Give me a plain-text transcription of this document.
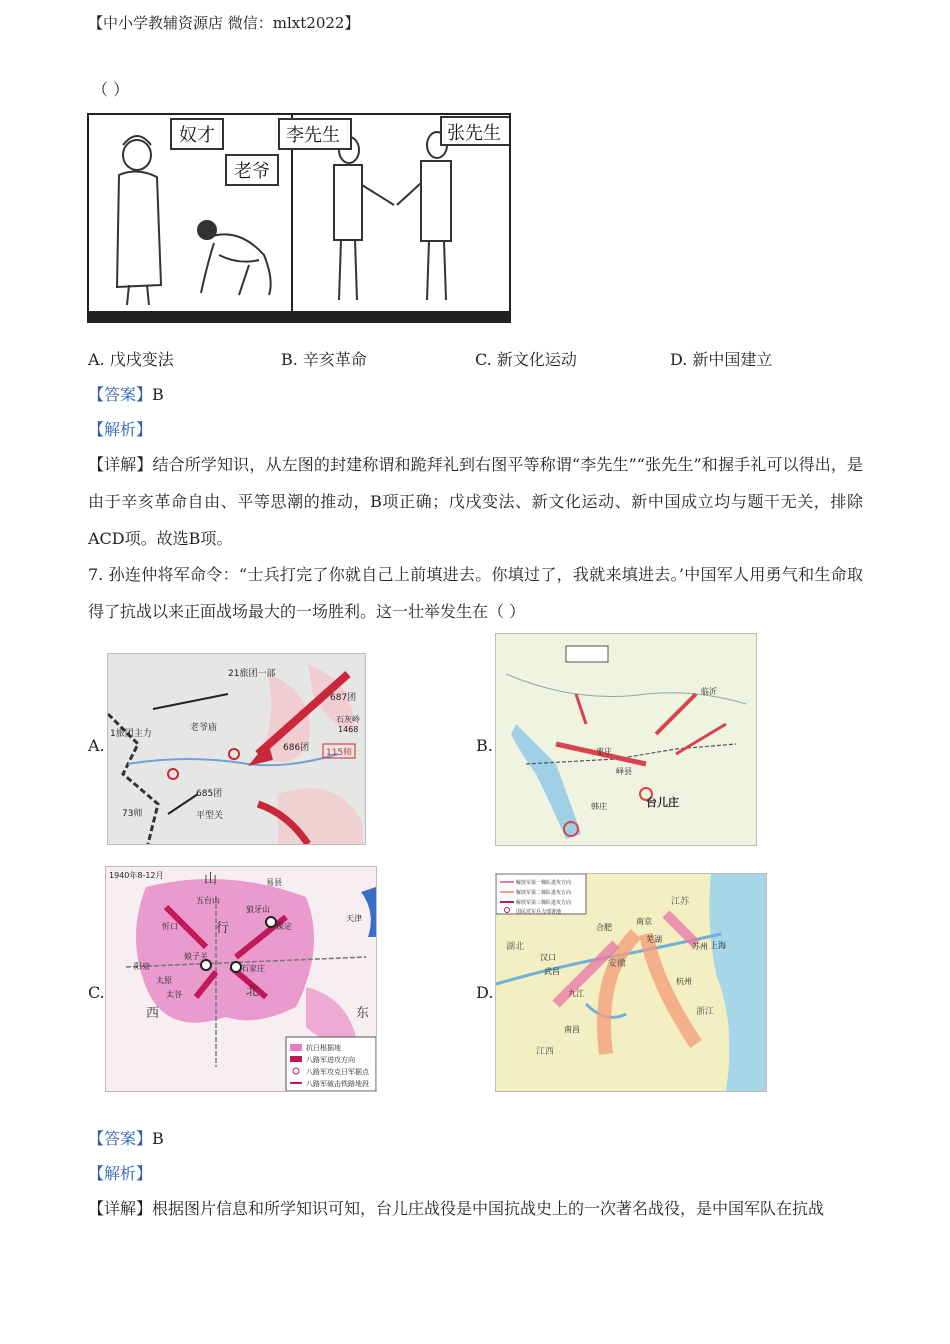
【中小学教辅资源店 微信：mlxt2022】
（ ）
奴才
老爷
李先生	张先生
A. 戊戌变法	B. 辛亥革命	C. 新文化运动	D. 新中国建立
【答案】B
【解析】
【详解】结合所学知识，从左图的封建称谓和跪拜礼到右图平等称谓“李先生”“张先生”和握手礼可以得出，是由于辛亥革命自由、平等思潮的推动，B项正确；戊戌变法、新文化运动、新中国成立均与题干无关，排除ACD项。故选B项。
7. 孙连仲将军命令：“士兵打完了你就自己上前填进去。你填过了，我就来填进去。’中国军人用勇气和生命取得了抗战以来正面战场最大的一场胜利。这一壮举发生在（ ）
A.	B.
C.	D.
21旅团一部
687团
老爷庙
686团 115师
685团
平型关
73师
1旅团主力
石灰岭
1468
台儿庄
临沂
枣庄
峄县
韩庄
1940年8-12月	山
五台山
行
狼牙山
易县
保定
石家庄
娘子关
阳泉
太原
北
西	东
天津
忻口
太谷
抗日根据地
八路军进攻方向
八路军攻克日军据点
八路军破击铁路地段
解放军第一梯队进攻方向
解放军第二梯队进攻方向
解放军第三梯队进攻方向
国民党军兵力部署地
南京
合肥
芜湖
杭州
上海
汉口
武昌
九江
南昌
江苏
苏州
安徽
湖北
江西
浙江
【答案】B
【解析】
【详解】根据图片信息和所学知识可知，台儿庄战役是中国抗战史上的一次著名战役，是中国军队在抗战
